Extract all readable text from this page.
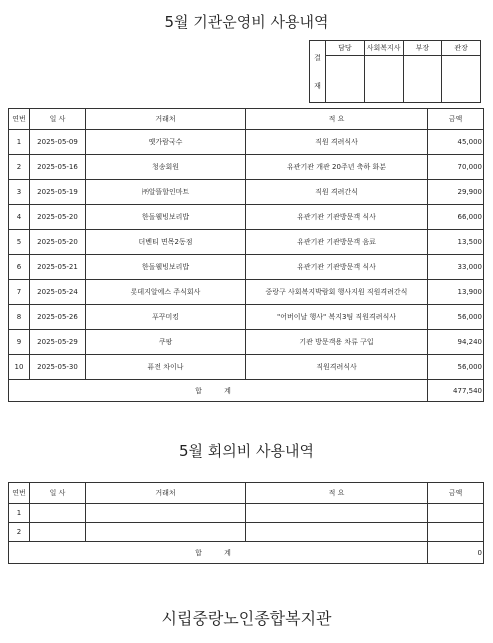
5월 기관운영비 사용내역
결

재	담당	사회복지사	부장	관장

연번	일 사	거래처	적 요	금액
1	2025-05-09	옛가람국수	직원 격려식사	45,000
2	2025-05-16	청송회원	유관기관 개관 20주년 축하 화분	70,000
3	2025-05-19	㈜알뜰할인마트	직원 격려간식	29,900
4	2025-05-20	한돌웰빙보리밥	유관기관 기관방문객 식사	66,000
5	2025-05-20	더벤티 면목2동점	유관기관 기관방문객 음료	13,500
6	2025-05-21	한돌웰빙보리밥	유관기관 기관방문객 식사	33,000
7	2025-05-24	롯데지알에스 주식회사	중랑구 사회복지박람회 행사지원 직원격려간식	13,900
8	2025-05-26	푸꾸미킹	"어버이날 행사" 복지3팀 직원격려식사	56,000
9	2025-05-29	쿠팡	기관 방문객용 차류 구입	94,240
10	2025-05-30	퓨전 차이나	직원격려식사	56,000
합 계				477,540
5월 회의비 사용내역
연번	일 사	거래처	적 요	금액
1				
2				
합 계				0
시립중랑노인종합복지관
